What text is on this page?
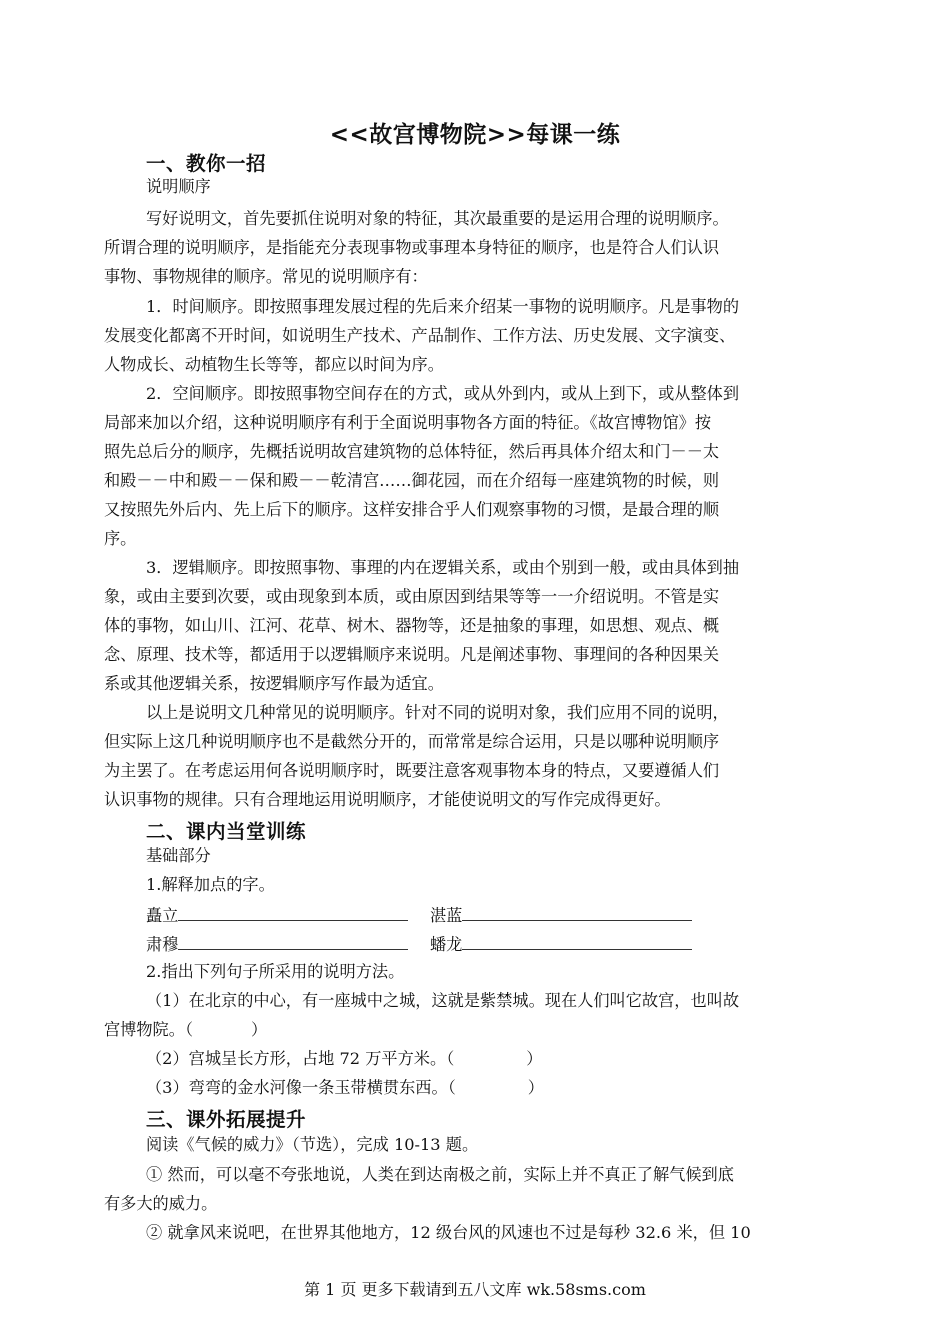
<<故宫博物院>>每课一练
一、教你一招
说明顺序
写好说明文，首先要抓住说明对象的特征，其次最重要的是运用合理的说明顺序。
所谓合理的说明顺序，是指能充分表现事物或事理本身特征的顺序，也是符合人们认识
事物、事物规律的顺序。常见的说明顺序有：
1．时间顺序。即按照事理发展过程的先后来介绍某一事物的说明顺序。凡是事物的
发展变化都离不开时间，如说明生产技术、产品制作、工作方法、历史发展、文字演变、
人物成长、动植物生长等等，都应以时间为序。
2．空间顺序。即按照事物空间存在的方式，或从外到内，或从上到下，或从整体到
局部来加以介绍，这种说明顺序有利于全面说明事物各方面的特征。《故宫博物馆》按
照先总后分的顺序，先概括说明故宫建筑物的总体特征，然后再具体介绍太和门－－太
和殿－－中和殿－－保和殿－－乾清宫……御花园，而在介绍每一座建筑物的时候，则
又按照先外后内、先上后下的顺序。这样安排合乎人们观察事物的习惯，是最合理的顺
序。
3．逻辑顺序。即按照事物、事理的内在逻辑关系，或由个别到一般，或由具体到抽
象，或由主要到次要，或由现象到本质，或由原因到结果等等一一介绍说明。不管是实
体的事物，如山川、江河、花草、树木、器物等，还是抽象的事理，如思想、观点、概
念、原理、技术等，都适用于以逻辑顺序来说明。凡是阐述事物、事理间的各种因果关
系或其他逻辑关系，按逻辑顺序写作最为适宜。
以上是说明文几种常见的说明顺序。针对不同的说明对象，我们应用不同的说明，
但实际上这几种说明顺序也不是截然分开的，而常常是综合运用，只是以哪种说明顺序
为主罢了。在考虑运用何各说明顺序时，既要注意客观事物本身的特点，又要遵循人们
认识事物的规律。只有合理地运用说明顺序，才能使说明文的写作完成得更好。
二、课内当堂训练
基础部分
1.解释加点的字。
矗立	湛蓝
肃穆	蟠龙
2.指出下列句子所采用的说明方法。
（1）在北京的中心，有一座城中之城，这就是紫禁城。现在人们叫它故宫，也叫故
宫博物院。（	）
（2）宫城呈长方形，占地 72 万平方米。（	）
（3）弯弯的金水河像一条玉带横贯东西。（	）
三、课外拓展提升
阅读《气候的威力》（节选），完成 10-13 题。
① 然而，可以毫不夸张地说，人类在到达南极之前，实际上并不真正了解气候到底
有多大的威力。
② 就拿风来说吧，在世界其他地方，12 级台风的风速也不过是每秒 32.6 米，但 10
第 1 页 更多下载请到五八文库 wk.58sms.com
